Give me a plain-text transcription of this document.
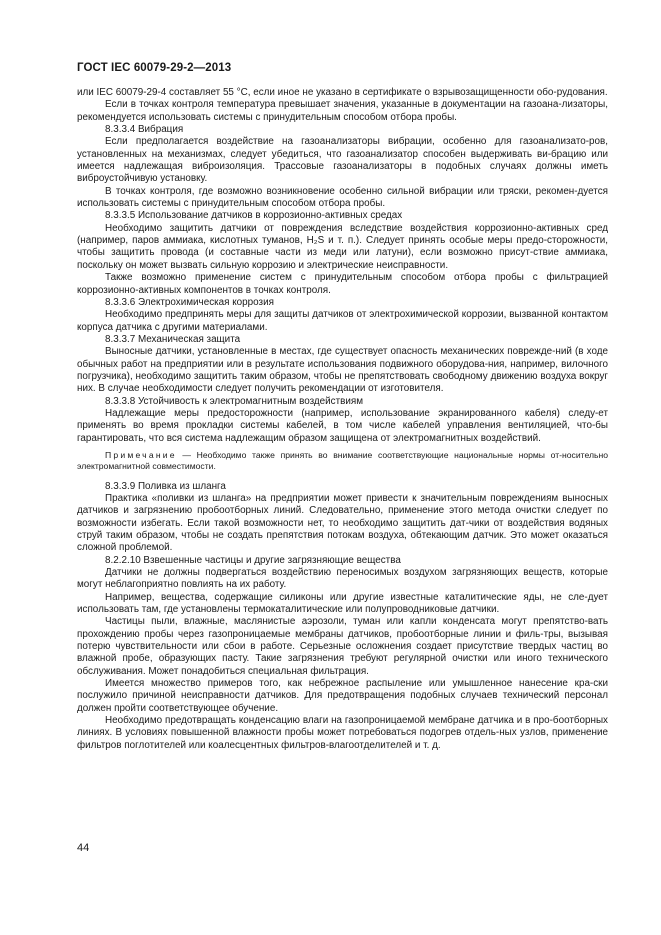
ГОСТ IEC 60079-29-2—2013

или IEC 60079-29-4 составляет 55 °C, если иное не указано в сертификате о взрывозащищенности обо-рудования.

Если в точках контроля температура превышает значения, указанные в документации на газоана-лизаторы, рекомендуется использовать системы с принудительным способом отбора пробы.

8.3.3.4 Вибрация

Если предполагается воздействие на газоанализаторы вибрации, особенно для газоанализато-ров, установленных на механизмах, следует убедиться, что газоанализатор способен выдерживать ви-брацию или имеется надлежащая виброизоляция. Трассовые газоанализаторы в подобных случаях должны иметь виброустойчивую установку.

В точках контроля, где возможно возникновение особенно сильной вибрации или тряски, рекомен-дуется использовать системы с принудительным способом отбора пробы.

8.3.3.5 Использование датчиков в коррозионно-активных средах

Необходимо защитить датчики от повреждения вследствие воздействия коррозионно-активных сред (например, паров аммиака, кислотных туманов, H₂S и т. п.). Следует принять особые меры предо-сторожности, чтобы защитить провода (и составные части из меди или латуни), если возможно присут-ствие аммиака, поскольку он может вызвать сильную коррозию и электрические неисправности.

Также возможно применение систем с принудительным способом отбора пробы с фильтрацией коррозионно-активных компонентов в точках контроля.

8.3.3.6 Электрохимическая коррозия

Необходимо предпринять меры для защиты датчиков от электрохимической коррозии, вызванной контактом корпуса датчика с другими материалами.

8.3.3.7 Механическая защита

Выносные датчики, установленные в местах, где существует опасность механических поврежде-ний (в ходе обычных работ на предприятии или в результате использования подвижного оборудова-ния, например, вилочного погрузчика), необходимо защитить таким образом, чтобы не препятствовать свободному движению воздуха вокруг них. В случае необходимости следует получить рекомендации от изготовителя.

8.3.3.8 Устойчивость к электромагнитным воздействиям

Надлежащие меры предосторожности (например, использование экранированного кабеля) следу-ет применять во время прокладки системы кабелей, в том числе кабелей управления вентиляцией, что-бы гарантировать, что вся система надлежащим образом защищена от электромагнитных воздействий.

Примечание — Необходимо также принять во внимание соответствующие национальные нормы от-носительно электромагнитной совместимости.

8.3.3.9 Поливка из шланга

Практика «поливки из шланга» на предприятии может привести к значительным повреждениям выносных датчиков и загрязнению пробоотборных линий. Следовательно, применение этого метода очистки следует по возможности избегать. Если такой возможности нет, то необходимо защитить дат-чики от воздействия водяных струй таким образом, чтобы не создать препятствия потокам воздуха, обтекающим датчик. Это может оказаться сложной проблемой.

8.2.2.10 Взвешенные частицы и другие загрязняющие вещества

Датчики не должны подвергаться воздействию переносимых воздухом загрязняющих веществ, которые могут неблагоприятно повлиять на их работу.

Например, вещества, содержащие силиконы или другие известные каталитические яды, не сле-дует использовать там, где установлены термокаталитические или полупроводниковые датчики.

Частицы пыли, влажные, маслянистые аэрозоли, туман или капли конденсата могут препятство-вать прохождению пробы через газопроницаемые мембраны датчиков, пробоотборные линии и филь-тры, вызывая потерю чувствительности или сбои в работе. Серьезные осложнения создает присутствие твердых частиц во влажной пробе, образующих пасту. Такие загрязнения требуют регулярной очистки или иного технического обслуживания. Может понадобиться специальная фильтрация.

Имеется множество примеров того, как небрежное распыление или умышленное нанесение кра-ски послужило причиной неисправности датчиков. Для предотвращения подобных случаев технический персонал должен пройти соответствующее обучение.

Необходимо предотвращать конденсацию влаги на газопроницаемой мембране датчика и в про-боотборных линиях. В условиях повышенной влажности пробы может потребоваться подогрев отдель-ных узлов, применение фильтров поглотителей или коалесцентных фильтров-влагоотделителей и т. д.

44
